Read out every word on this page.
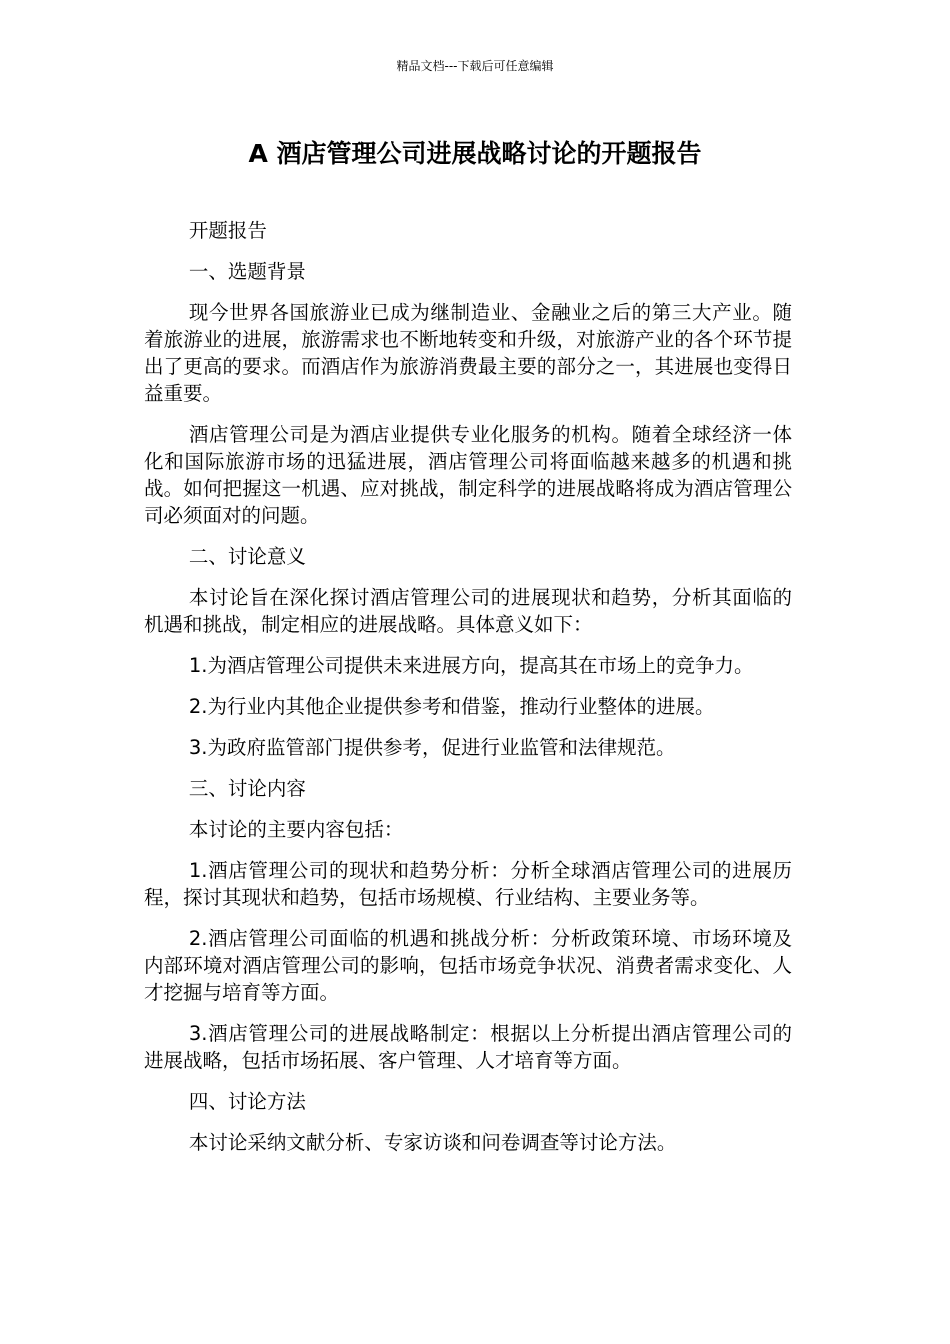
精品文档---下载后可任意编辑
A 酒店管理公司进展战略讨论的开题报告

开题报告

一、选题背景

现今世界各国旅游业已成为继制造业、金融业之后的第三大产业。随着旅游业的进展，旅游需求也不断地转变和升级，对旅游产业的各个环节提出了更高的要求。而酒店作为旅游消费最主要的部分之一，其进展也变得日益重要。

酒店管理公司是为酒店业提供专业化服务的机构。随着全球经济一体化和国际旅游市场的迅猛进展，酒店管理公司将面临越来越多的机遇和挑战。如何把握这一机遇、应对挑战，制定科学的进展战略将成为酒店管理公司必须面对的问题。

二、讨论意义

本讨论旨在深化探讨酒店管理公司的进展现状和趋势，分析其面临的机遇和挑战，制定相应的进展战略。具体意义如下：

1.为酒店管理公司提供未来进展方向，提高其在市场上的竞争力。

2.为行业内其他企业提供参考和借鉴，推动行业整体的进展。

3.为政府监管部门提供参考，促进行业监管和法律规范。

三、讨论内容

本讨论的主要内容包括：

1.酒店管理公司的现状和趋势分析：分析全球酒店管理公司的进展历程，探讨其现状和趋势，包括市场规模、行业结构、主要业务等。

2.酒店管理公司面临的机遇和挑战分析：分析政策环境、市场环境及内部环境对酒店管理公司的影响，包括市场竞争状况、消费者需求变化、人才挖掘与培育等方面。

3.酒店管理公司的进展战略制定：根据以上分析提出酒店管理公司的进展战略，包括市场拓展、客户管理、人才培育等方面。

四、讨论方法

本讨论采纳文献分析、专家访谈和问卷调查等讨论方法。
